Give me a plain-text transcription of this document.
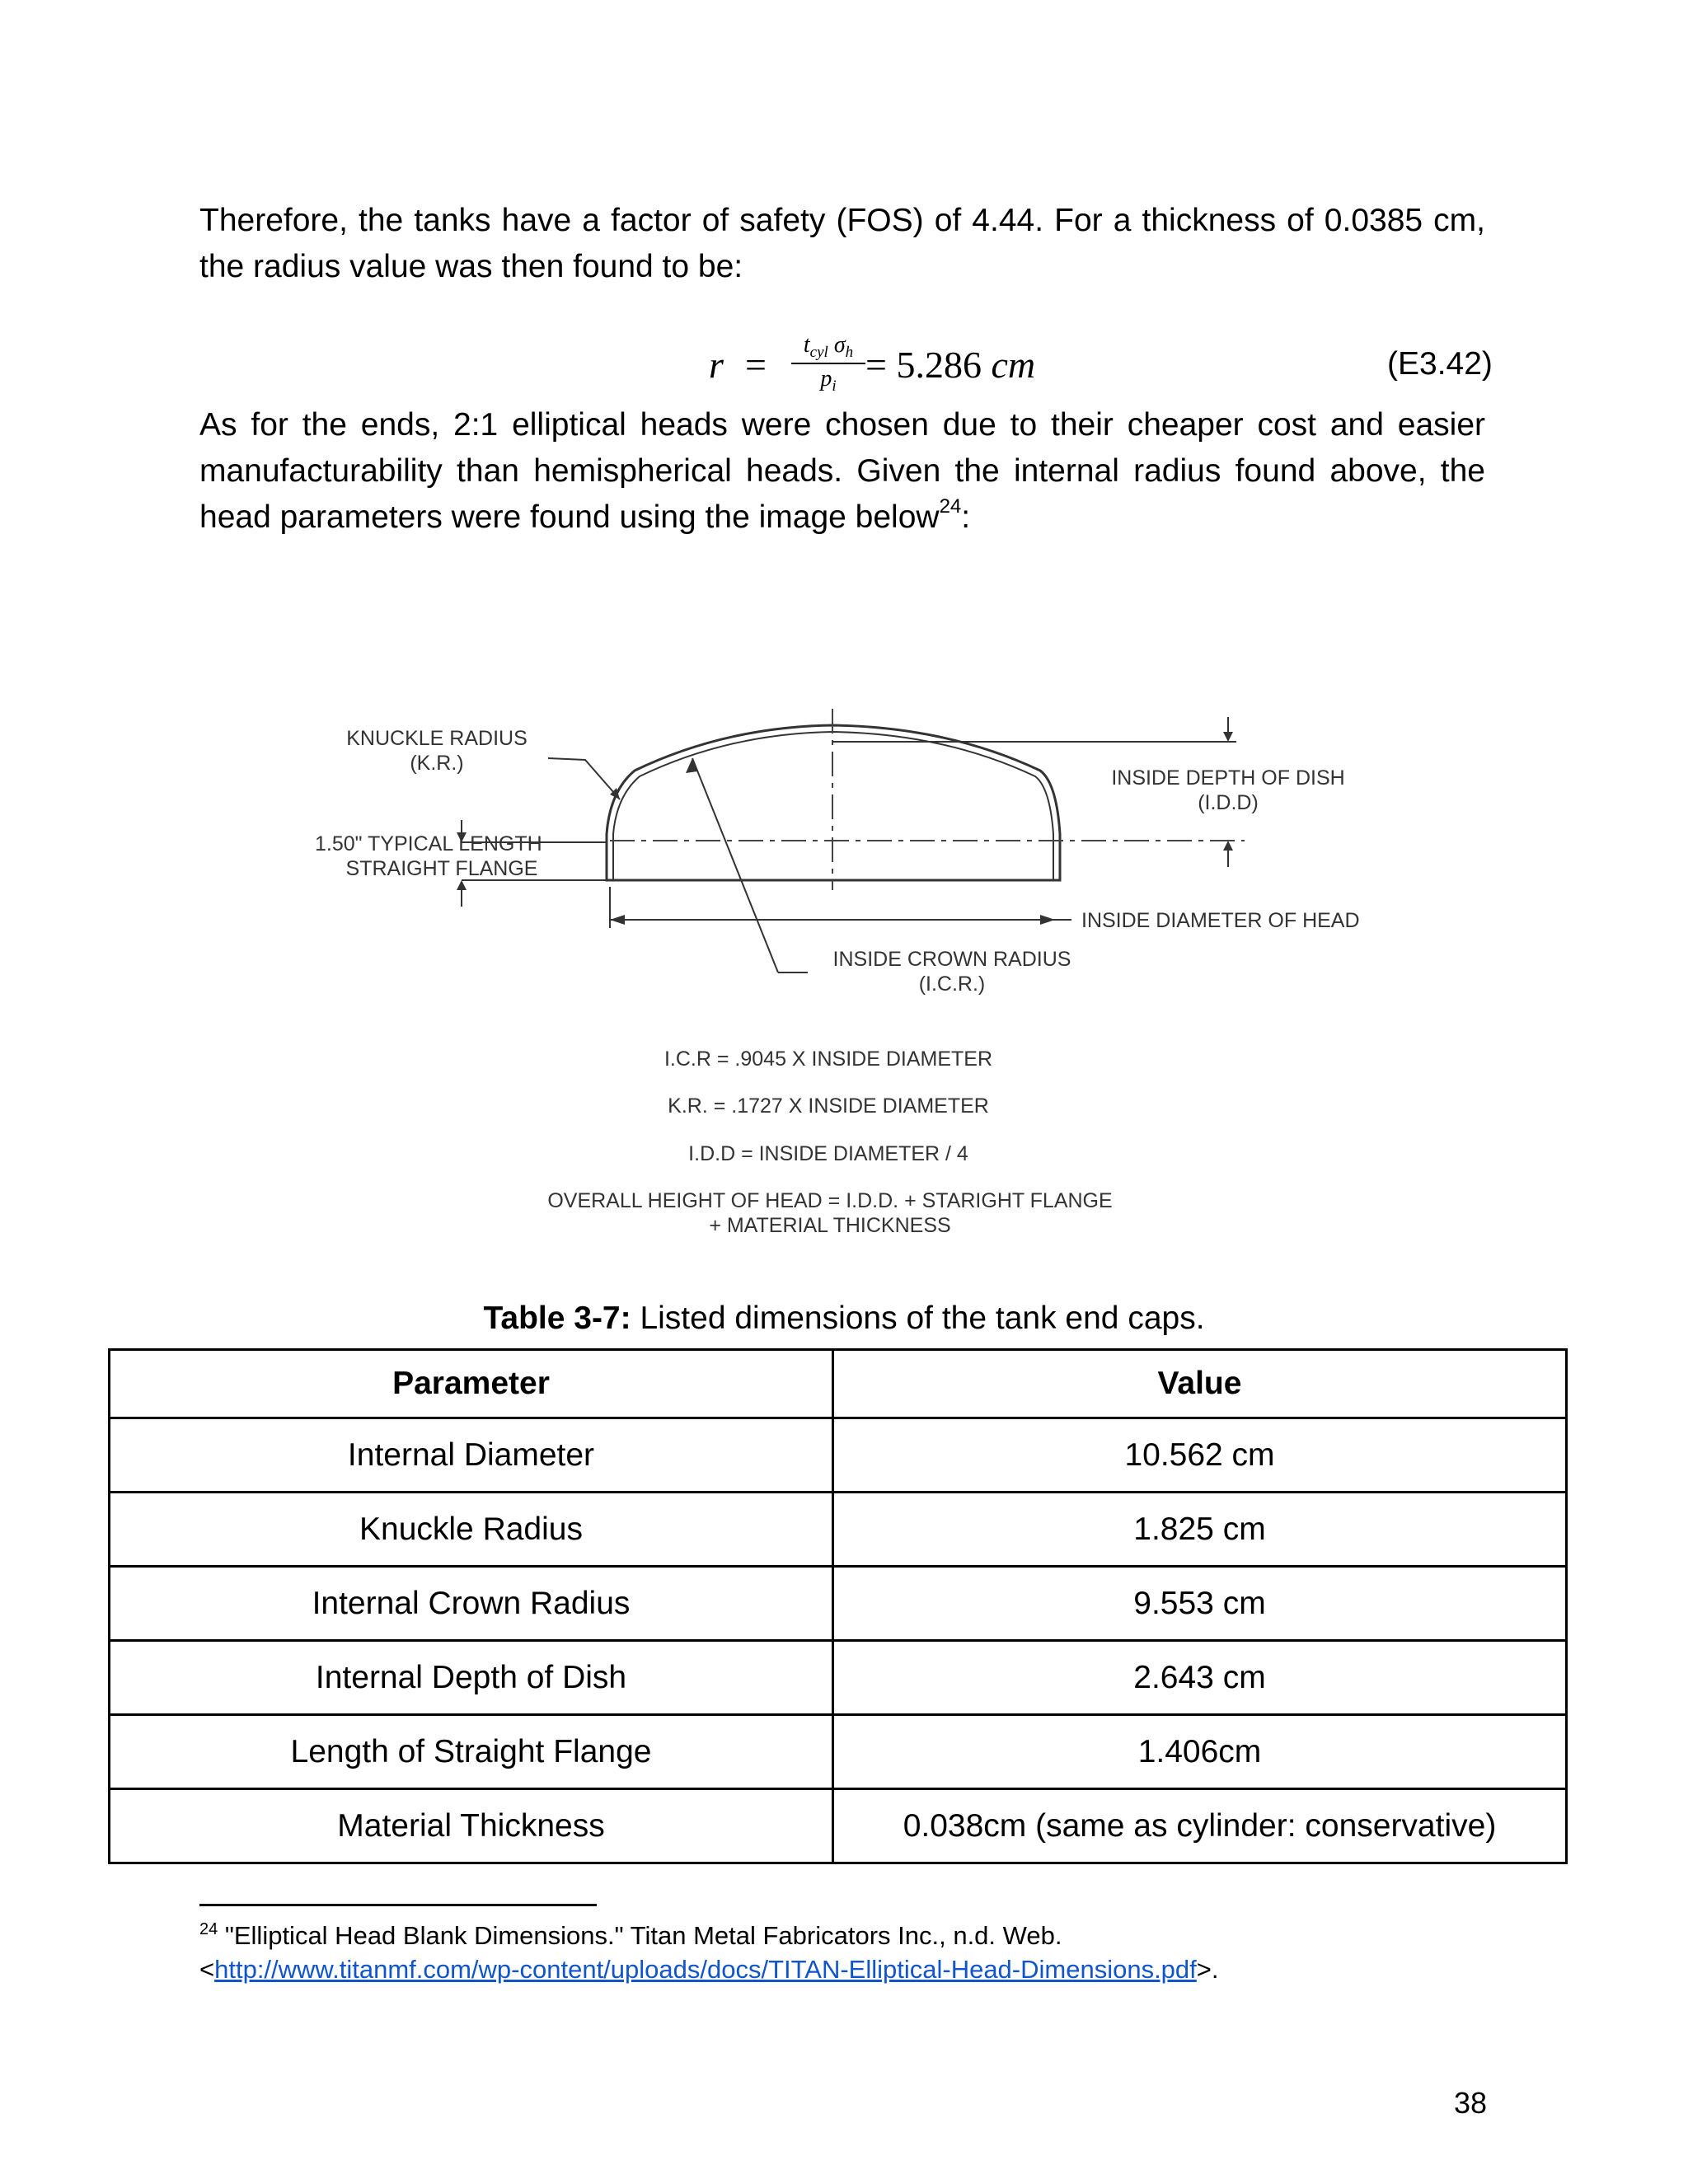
Therefore, the tanks have a factor of safety (FOS) of 4.44. For a thickness of 0.0385 cm, the radius value was then found to be:

r =	$t_{cyl}$ $\sigma_h$
$p_i$
= 5.286 cm	(E3.42)

As for the ends, 2:1 elliptical heads were chosen due to their cheaper cost and easier manufacturability than hemispherical heads. Given the internal radius found above, the head parameters were found using the image below$^{24}$:

KNUCKLE RADIUS
(K.R.)
INSIDE DEPTH OF DISH
(I.D.D)
1.50" TYPICAL LENGTH
STRAIGHT FLANGE
INSIDE DIAMETER OF HEAD
INSIDE CROWN RADIUS
(I.C.R.)
I.C.R = .9045 X INSIDE DIAMETER
K.R. = .1727 X INSIDE DIAMETER
I.D.D = INSIDE DIAMETER / 4
OVERALL HEIGHT OF HEAD = I.D.D. + STARIGHT FLANGE
+ MATERIAL THICKNESS
Table 3-7: Listed dimensions of the tank end caps.
Parameter	Value
Internal Diameter	10.562 cm
Knuckle Radius	1.825 cm
Internal Crown Radius	9.553 cm
Internal Depth of Dish	2.643 cm
Length of Straight Flange	1.406cm
Material Thickness	0.038cm (same as cylinder: conservative)
$^{24}$ "Elliptical Head Blank Dimensions." Titan Metal Fabricators Inc., n.d. Web.
<http://www.titanmf.com/wp-content/uploads/docs/TITAN-Elliptical-Head-Dimensions.pdf>.
38
